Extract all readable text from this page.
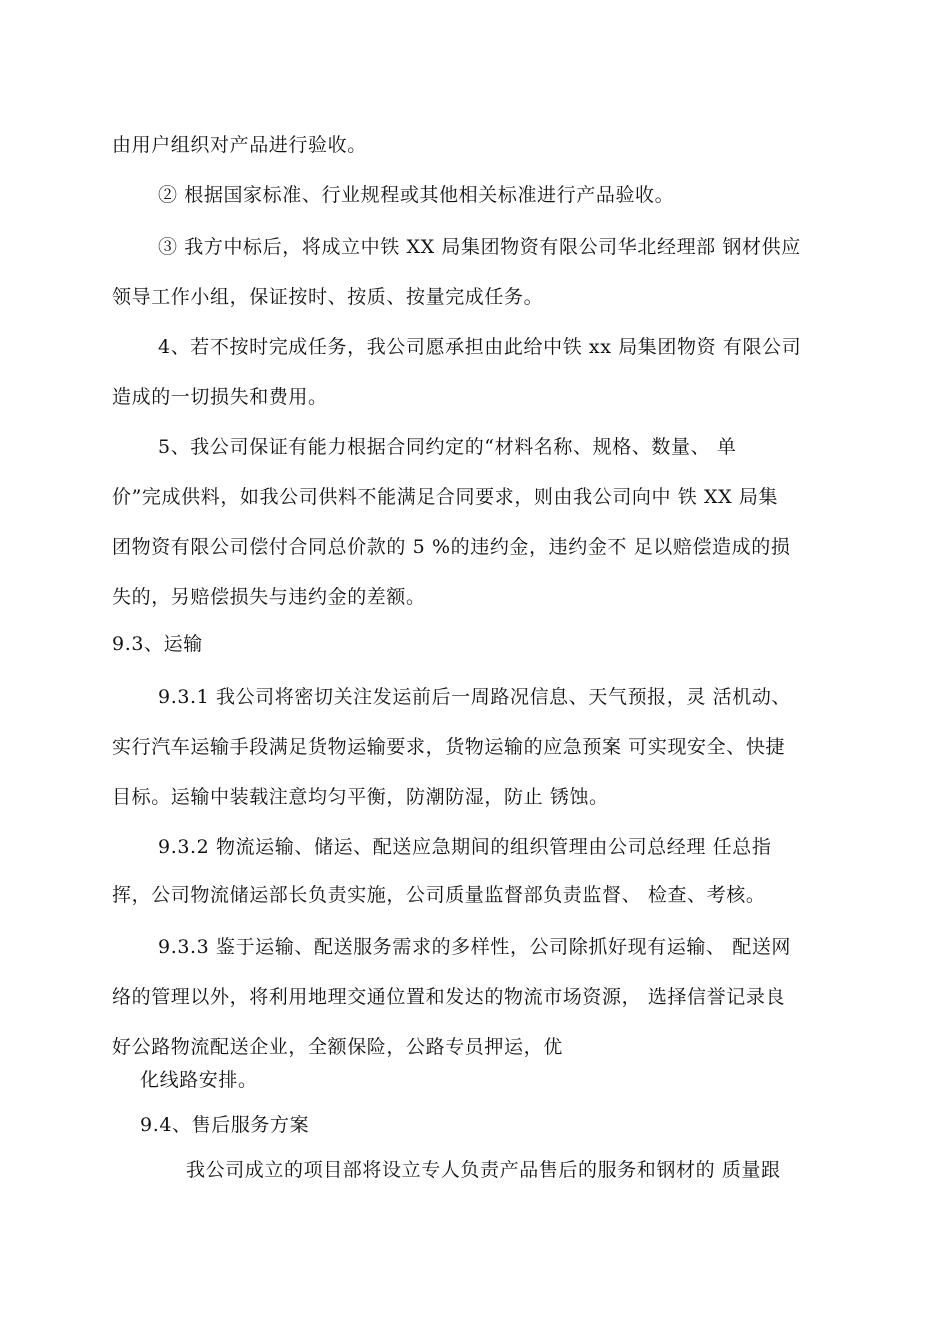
由用户组织对产品进行验收。
② 根据国家标准、行业规程或其他相关标准进行产品验收。
③ 我方中标后，将成立中铁 XX 局集团物资有限公司华北经理部 钢材供应
领导工作小组，保证按时、按质、按量完成任务。
4、若不按时完成任务，我公司愿承担由此给中铁 xx 局集团物资 有限公司
造成的一切损失和费用。
5、我公司保证有能力根据合同约定的“材料名称、规格、数量、 单
价”完成供料，如我公司供料不能满足合同要求，则由我公司向中 铁 XX 局集
团物资有限公司偿付合同总价款的 5 %的违约金，违约金不 足以赔偿造成的损
失的，另赔偿损失与违约金的差额。
9.3、运输
9.3.1 我公司将密切关注发运前后一周路况信息、天气预报，灵 活机动、
实行汽车运输手段满足货物运输要求，货物运输的应急预案 可实现安全、快捷
目标。运输中装载注意均匀平衡，防潮防湿，防止 锈蚀。
9.3.2 物流运输、储运、配送应急期间的组织管理由公司总经理 任总指
挥，公司物流储运部长负责实施，公司质量监督部负责监督、 检查、考核。
9.3.3 鉴于运输、配送服务需求的多样性，公司除抓好现有运输、 配送网
络的管理以外，将利用地理交通位置和发达的物流市场资源， 选择信誉记录良
好公路物流配送企业，全额保险，公路专员押运，优
化线路安排。
9.4、售后服务方案
我公司成立的项目部将设立专人负责产品售后的服务和钢材的 质量跟
